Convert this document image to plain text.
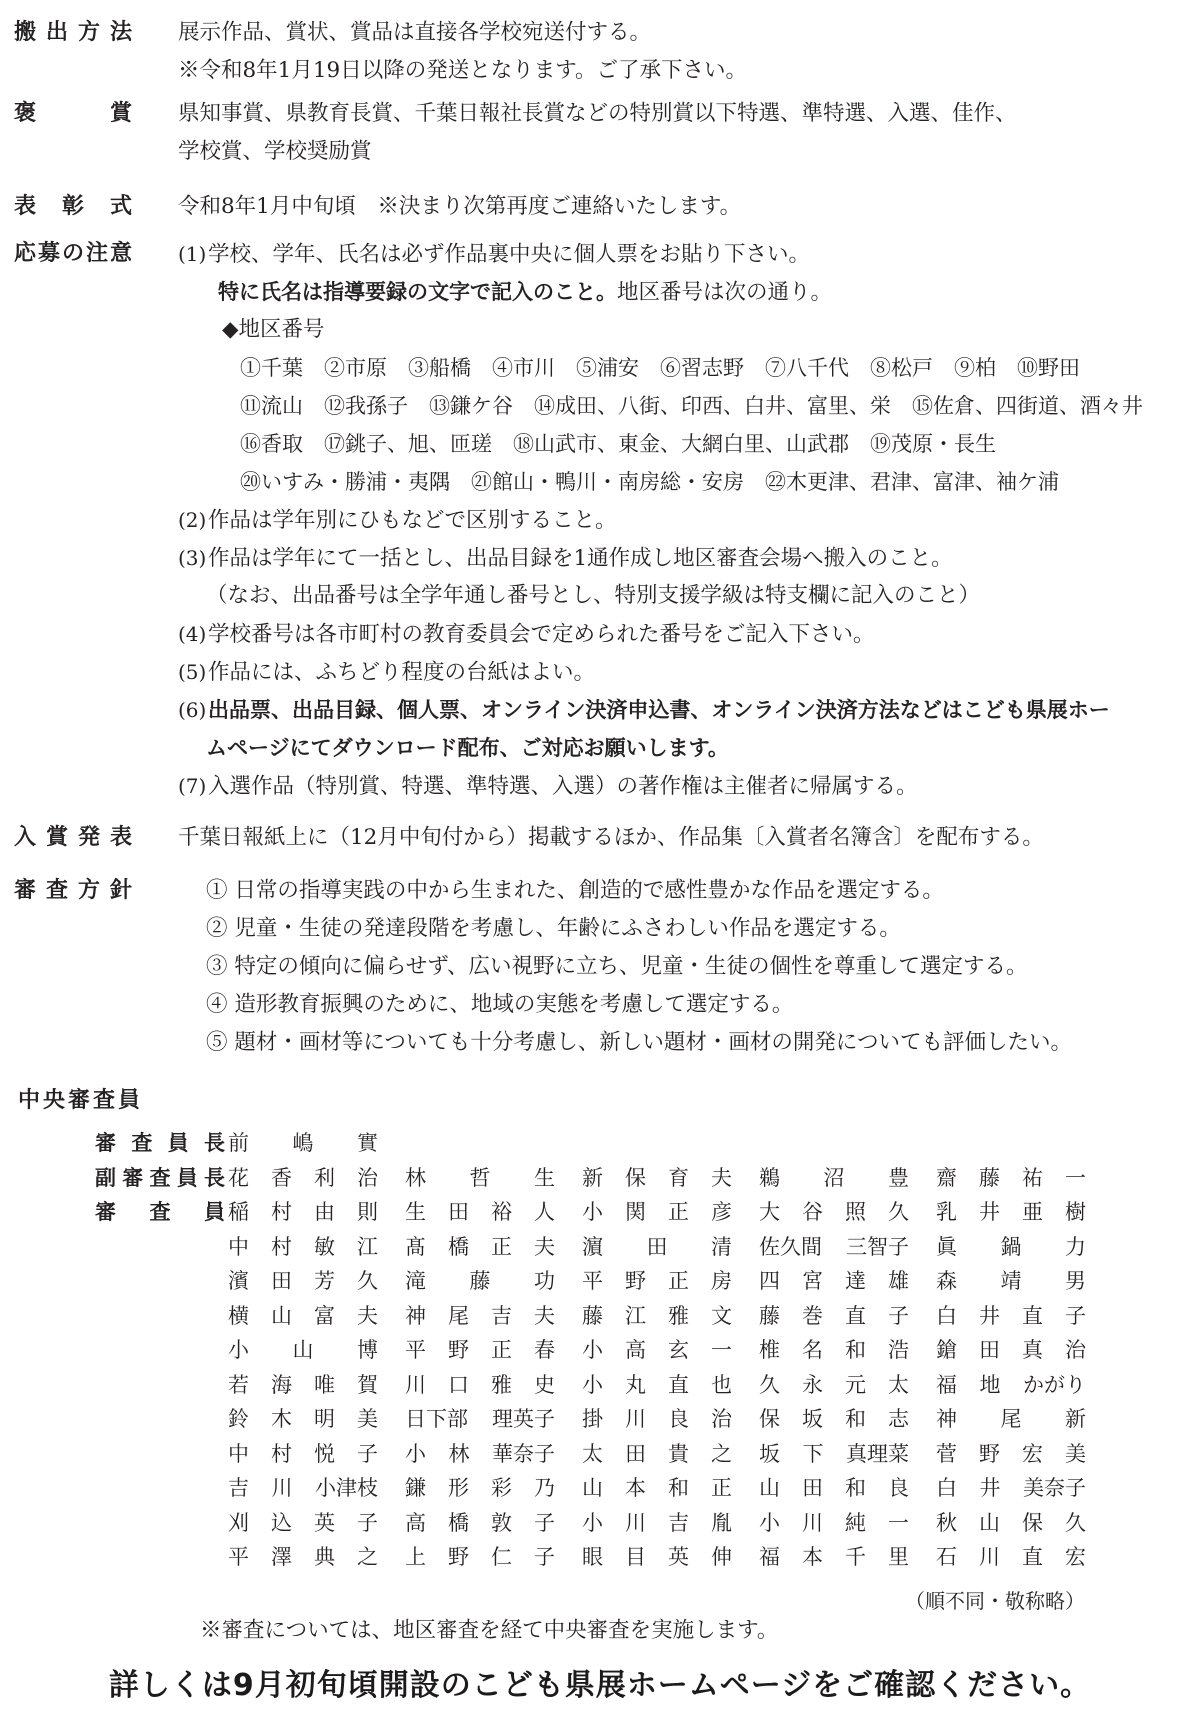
搬 出 方 法 展示作品、賞状、賞品は直接各学校宛送付する。
※令和8年1月19日以降の発送となります。ご了承下さい。
褒	賞 県知事賞、県教育長賞、千葉日報社長賞などの特別賞以下特選、準特選、入選、佳作、
学校賞、学校奨励賞
表 彰 式 令和8年1月中旬頃　※決まり次第再度ご連絡いたします。
応 募 の 注 意 (1)学校、学年、氏名は必ず作品裏中央に個人票をお貼り下さい。
特に氏名は指導要録の文字で記入のこと。地区番号は次の通り。
◆地区番号
①千葉　②市原　③船橋　④市川　⑤浦安　⑥習志野　⑦八千代　⑧松戸　⑨柏　⑩野田
⑪流山　⑫我孫子　⑬鎌ケ谷　⑭成田、八街、印西、白井、富里、栄　⑮佐倉、四街道、酒々井
⑯香取　⑰銚子、旭、匝瑳　⑱山武市、東金、大網白里、山武郡　⑲茂原・長生
⑳いすみ・勝浦・夷隅　㉑館山・鴨川・南房総・安房　㉒木更津、君津、富津、袖ケ浦
(2)作品は学年別にひもなどで区別すること。
(3)作品は学年にて一括とし、出品目録を1通作成し地区審査会場へ搬入のこと。
（なお、出品番号は全学年通し番号とし、特別支援学級は特支欄に記入のこと）
(4)学校番号は各市町村の教育委員会で定められた番号をご記入下さい。
(5)作品には、ふちどり程度の台紙はよい。
(6)出品票、出品目録、個人票、オンライン決済申込書、オンライン決済方法などはこども県展ホー
ムページにてダウンロード配布、ご対応お願いします。
(7)入選作品（特別賞、特選、準特選、入選）の著作権は主催者に帰属する。
入 賞 発 表 千葉日報紙上に（12月中旬付から）掲載するほか、作品集〔入賞者名簿含〕を配布する。
審 査 方 針	① 日常の指導実践の中から生まれた、創造的で感性豊かな作品を選定する。
② 児童・生徒の発達段階を考慮し、年齢にふさわしい作品を選定する。
③ 特定の傾向に偏らせず、広い視野に立ち、児童・生徒の個性を尊重して選定する。
④ 造形教育振興のために、地域の実態を考慮して選定する。
⑤ 題材・画材等についても十分考慮し、新しい題材・画材の開発についても評価したい。
中央審査員
審 査 員 長 前 嶋 實
副 審 査 員 長 花 香 利 治 林 哲 生 新 保 育 夫 鵜 沼 豊 齋 藤 祐 一
審 査 員 稲 村 由 則 生 田 裕 人 小 関 正 彦 大 谷 照 久 乳 井 亜 樹
中 村 敏 江 髙 橋 正 夫 濵 田 清 佐久間 三智子 眞 鍋 力
濱 田 芳 久 滝 藤 功 平 野 正 房 四 宮 達 雄 森 靖 男
横 山 富 夫 神 尾 吉 夫 藤 江 雅 文 藤 巻 直 子 白 井 直 子
小 山 博 平 野 正 春 小 高 玄 一 椎 名 和 浩 鎗 田 真 治
若 海 唯 賀 川 口 雅 史 小 丸 直 也 久 永 元 太 福 地 かがり
鈴 木 明 美 日下部 理英子 掛 川 良 治 保 坂 和 志 神 尾 新
中 村 悦 子 小 林 華奈子 太 田 貴 之 坂 下 真理菜 菅 野 宏 美
吉 川 小津枝 鎌 形 彩 乃 山 本 和 正 山 田 和 良 白 井 美奈子
刈 込 英 子 高 橋 敦 子 小 川 吉 胤 小 川 純 一 秋 山 保 久
平 澤 典 之 上 野 仁 子 眼 目 英 伸 福 本 千 里 石 川 直 宏
（順不同・敬称略）
※審査については、地区審査を経て中央審査を実施します。
詳しくは9月初旬頃開設のこども県展ホームページをご確認ください。
